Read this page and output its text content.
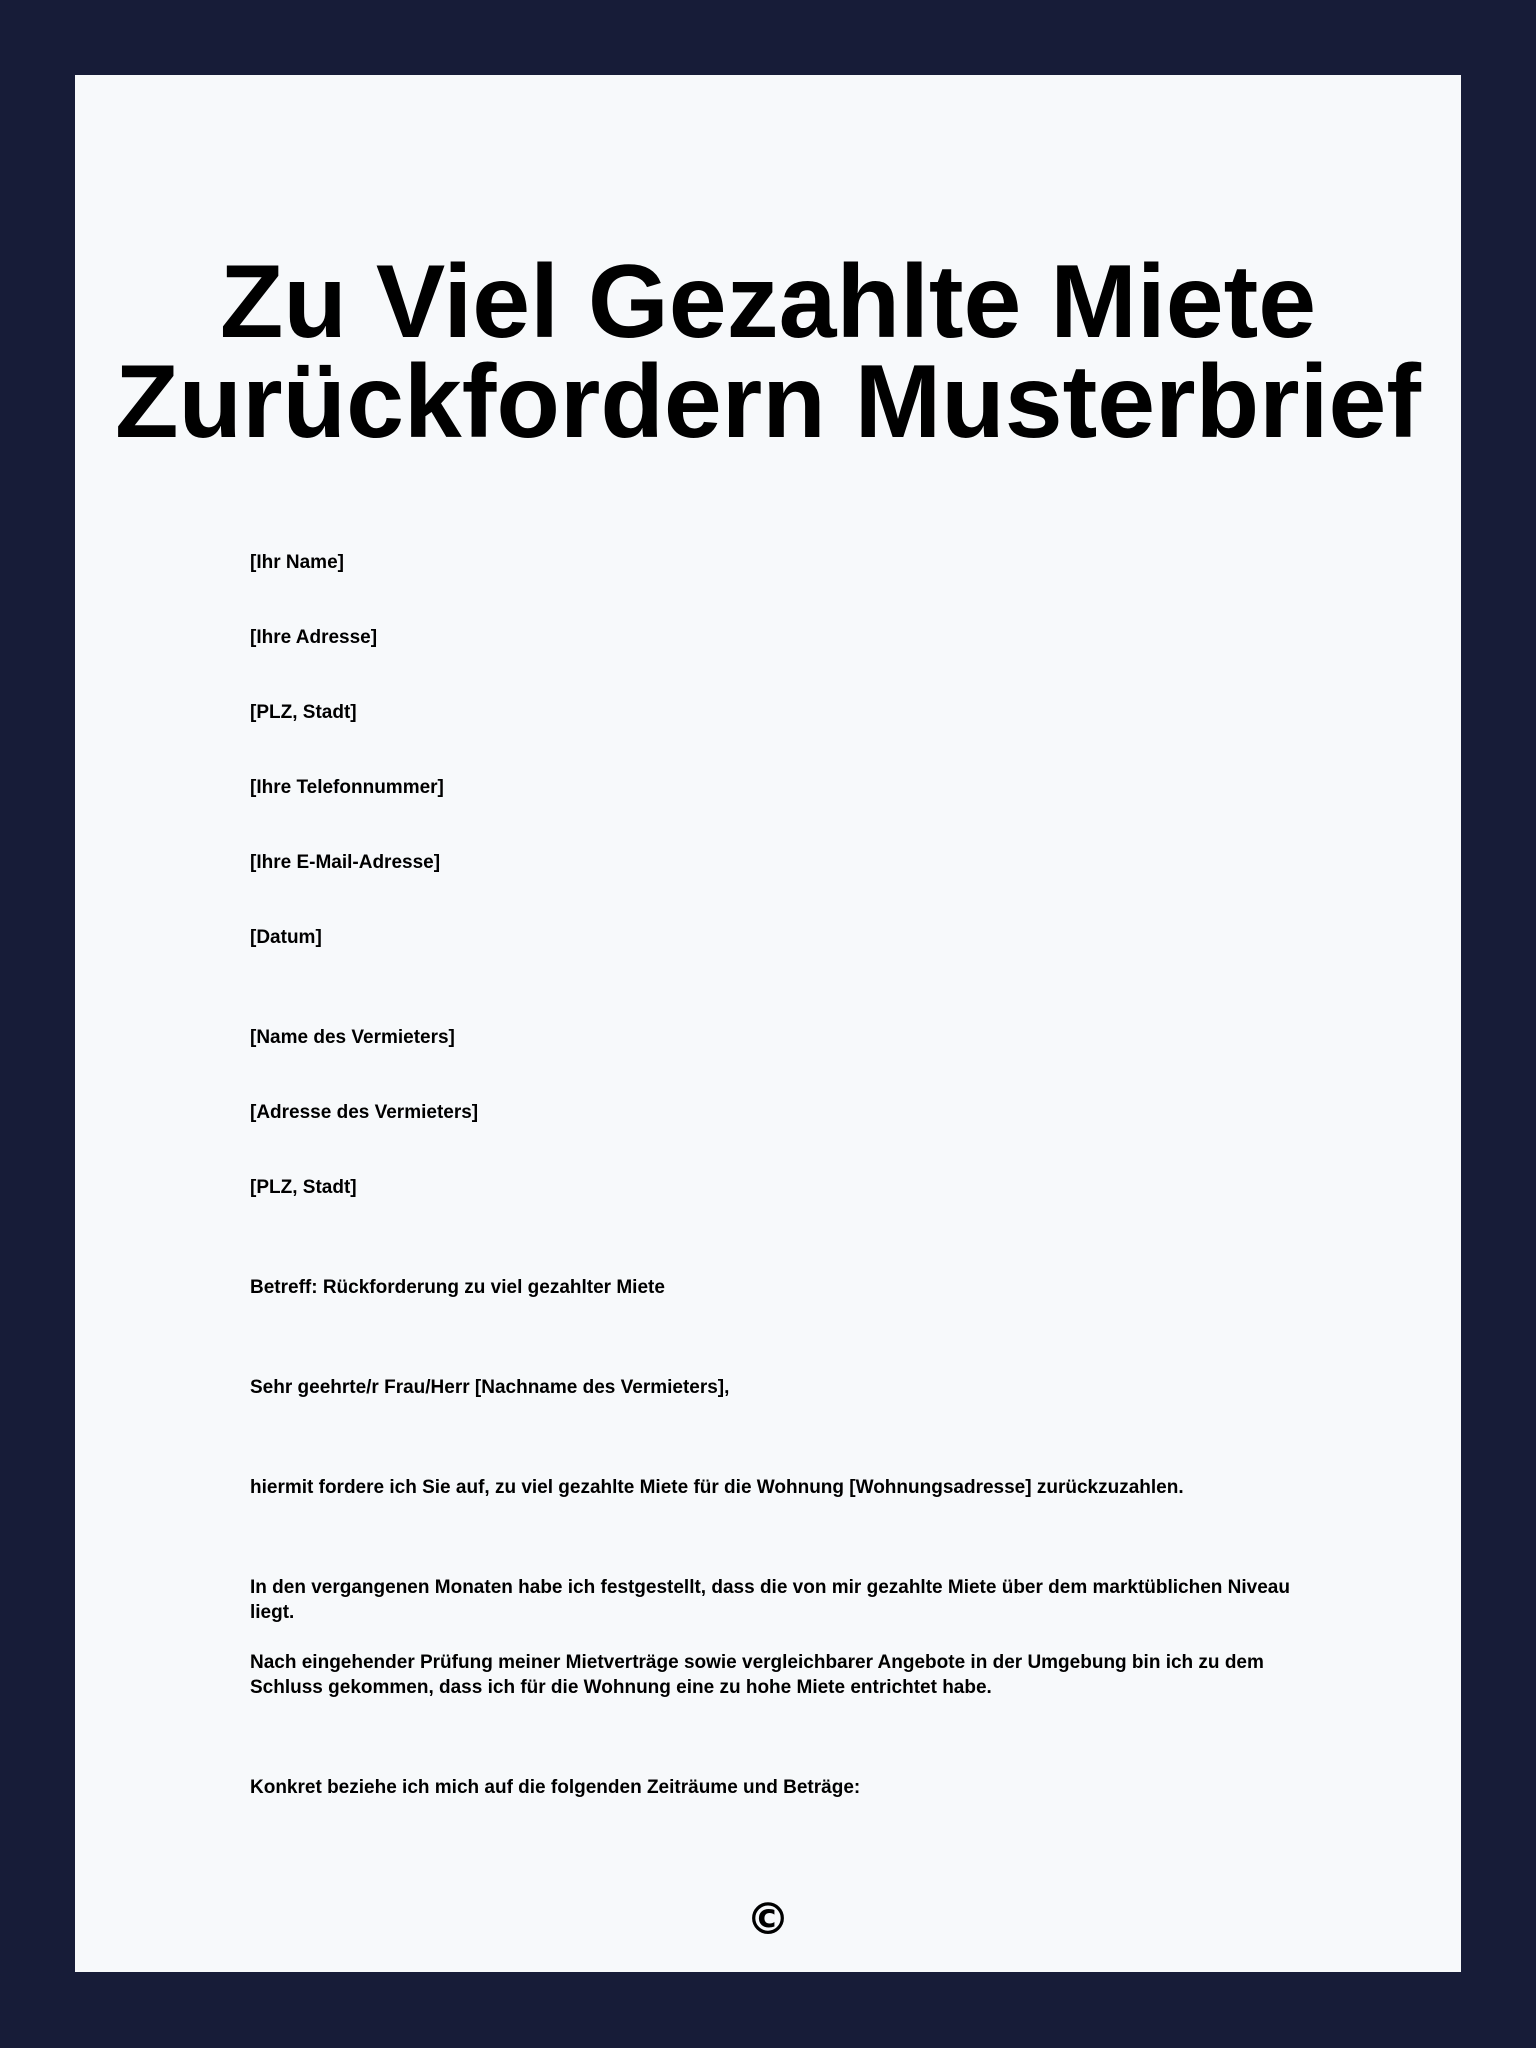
Zu Viel Gezahlte Miete Zurückfordern Musterbrief

[Ihr Name]

[Ihre Adresse]

[PLZ, Stadt]

[Ihre Telefonnummer]

[Ihre E-Mail-Adresse]

[Datum]

[Name des Vermieters]

[Adresse des Vermieters]

[PLZ, Stadt]

Betreff: Rückforderung zu viel gezahlter Miete

Sehr geehrte/r Frau/Herr [Nachname des Vermieters],

hiermit fordere ich Sie auf, zu viel gezahlte Miete für die Wohnung [Wohnungsadresse] zurückzuzahlen.

In den vergangenen Monaten habe ich festgestellt, dass die von mir gezahlte Miete über dem marktüblichen Niveau liegt.

Nach eingehender Prüfung meiner Mietverträge sowie vergleichbarer Angebote in der Umgebung bin ich zu dem Schluss gekommen, dass ich für die Wohnung eine zu hohe Miete entrichtet habe.

Konkret beziehe ich mich auf die folgenden Zeiträume und Beträge:

©
